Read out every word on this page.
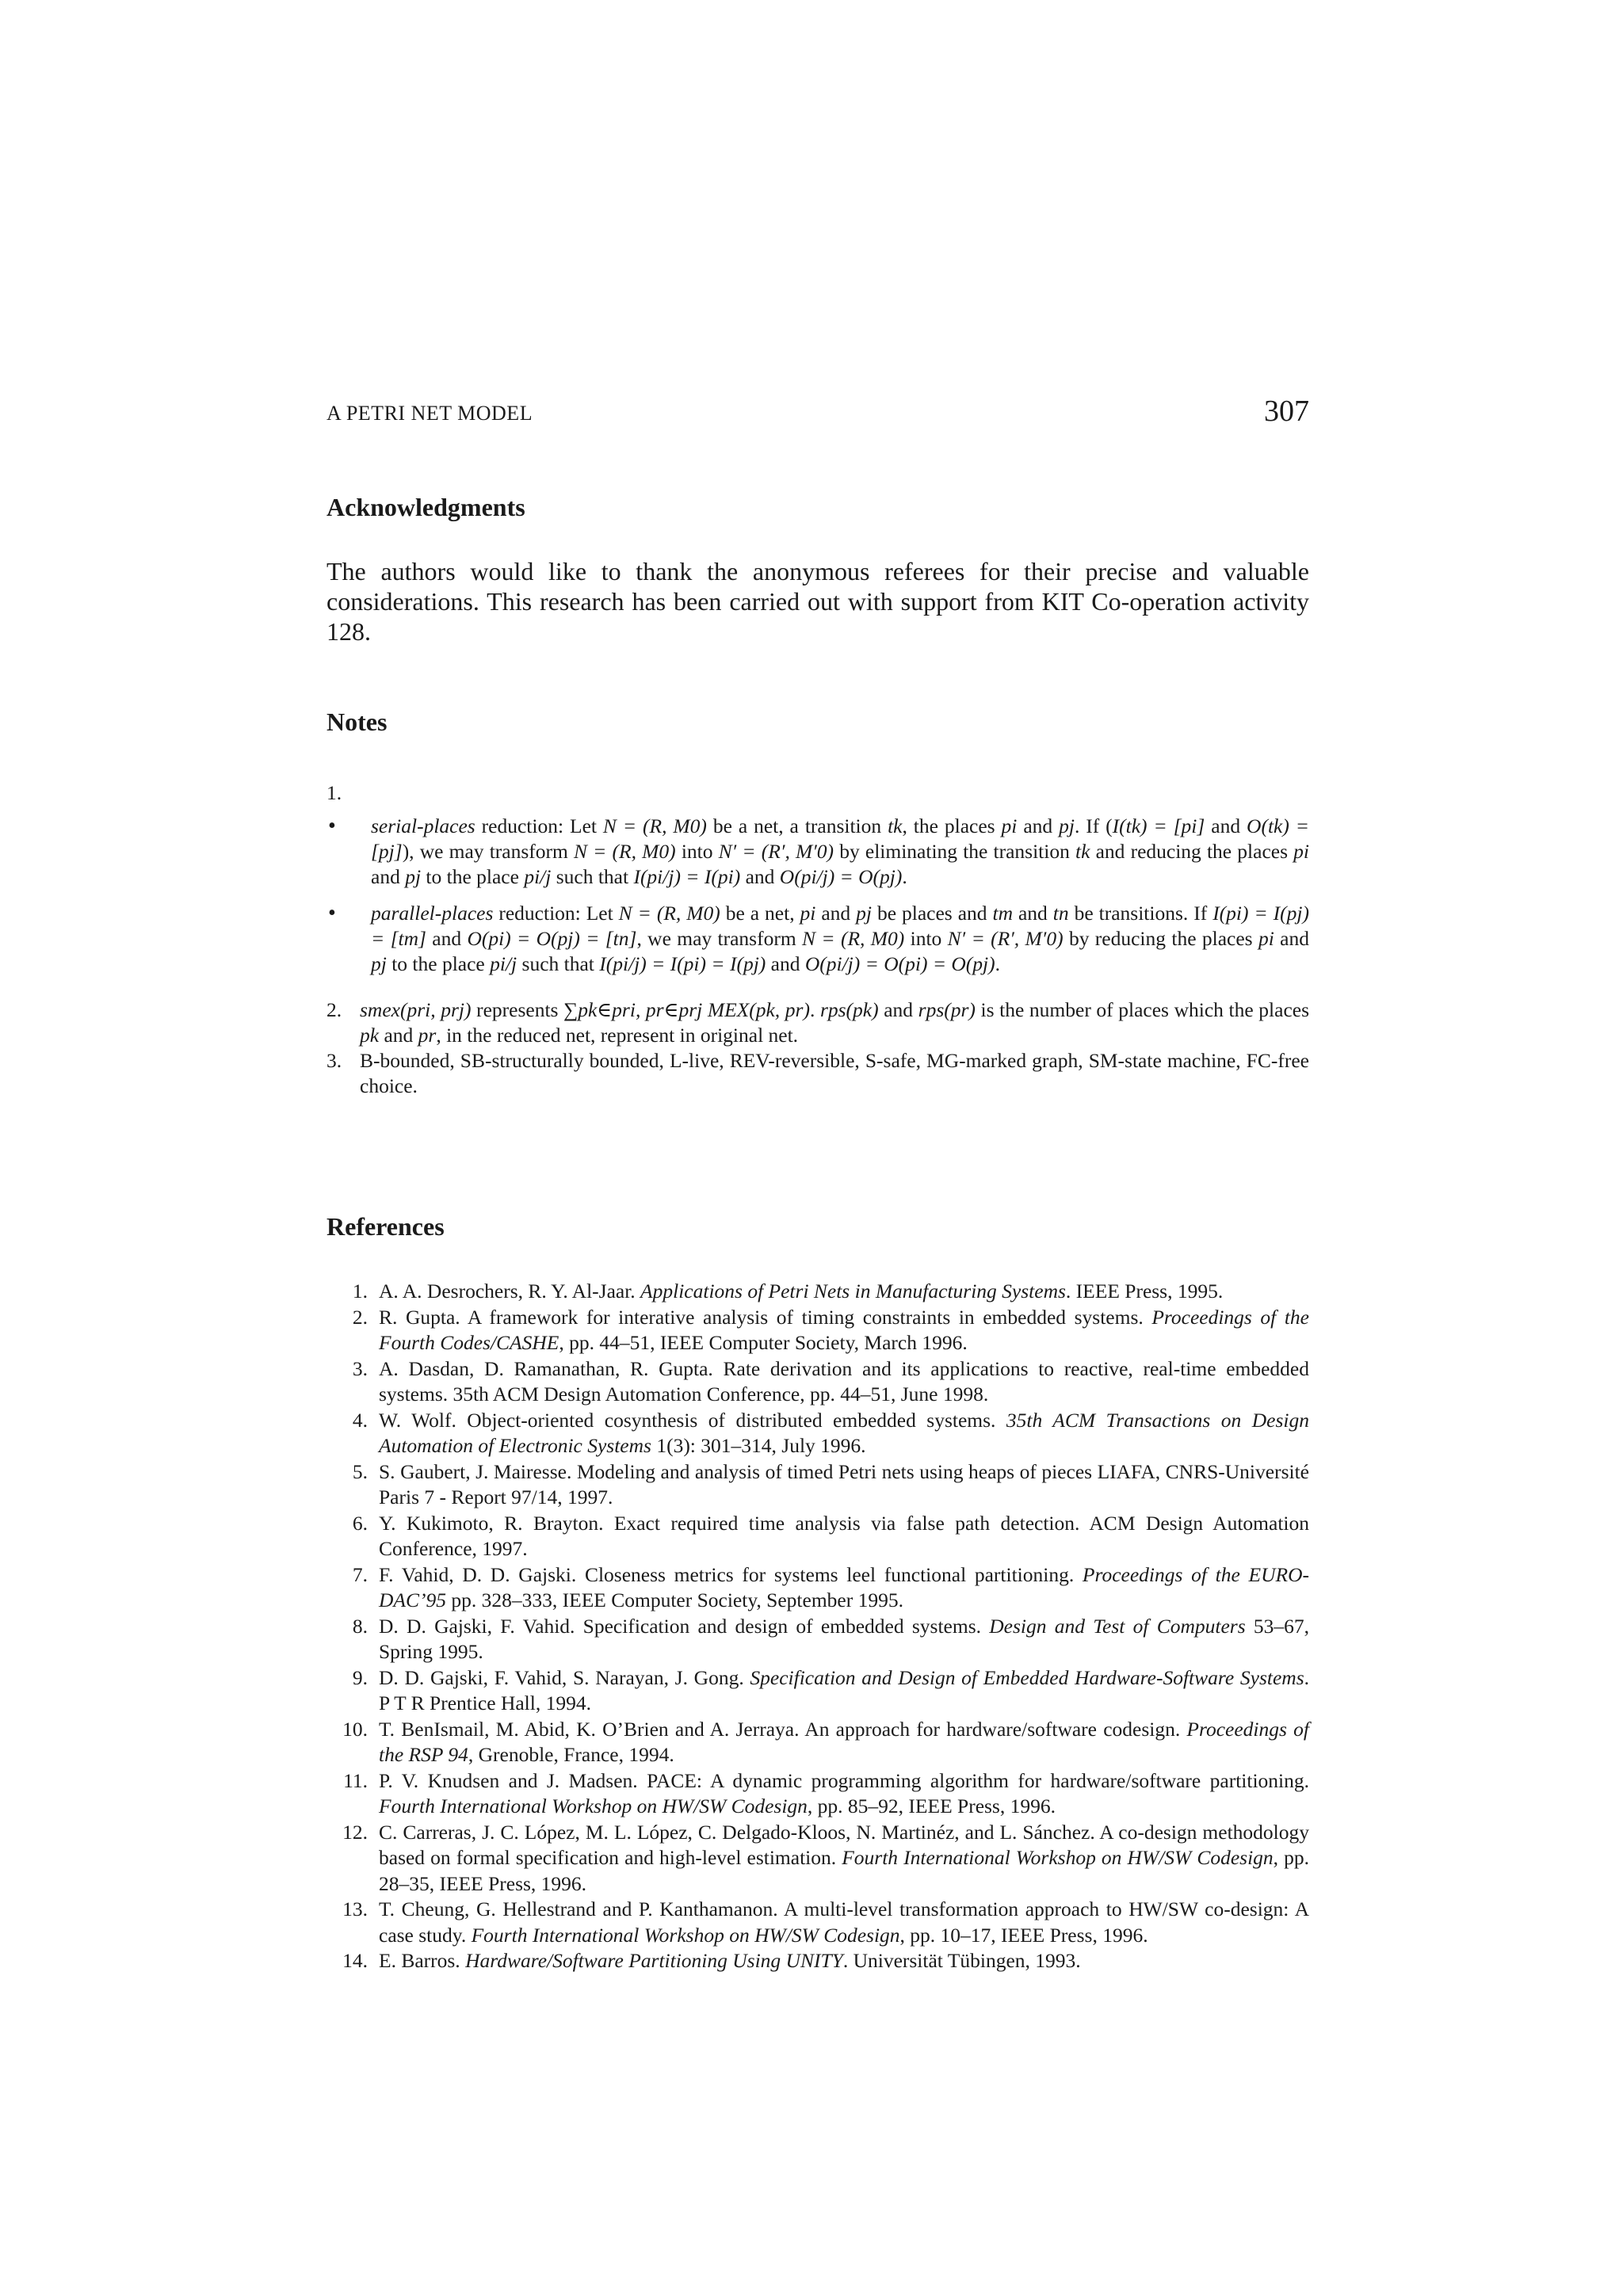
A PETRI NET MODEL	307
Acknowledgments
The authors would like to thank the anonymous referees for their precise and valuable considerations. This research has been carried out with support from KIT Co-operation activity 128.
Notes
1.
• serial-places reduction: Let N = (R, M0) be a net, a transition tk, the places pi and pj. If (I(tk) = [pi] and O(tk) = [pj]), we may transform N = (R, M0) into N′ = (R′, M′0) by eliminating the transition tk and reducing the places pi and pj to the place pi/j such that I(pi/j) = I(pi) and O(pi/j) = O(pj).
• parallel-places reduction: Let N = (R, M0) be a net, pi and pj be places and tm and tn be transitions. If I(pi) = I(pj) = [tm] and O(pi) = O(pj) = [tn], we may transform N = (R, M0) into N′ = (R′, M′0) by reducing the places pi and pj to the place pi/j such that I(pi/j) = I(pi) = I(pj) and O(pi/j) = O(pi) = O(pj).
2. smex(pri, prj) represents ∑pk∈pri, pr∈prj MEX(pk, pr). rps(pk) and rps(pr) is the number of places which the places pk and pr, in the reduced net, represent in original net.
3. B-bounded, SB-structurally bounded, L-live, REV-reversible, S-safe, MG-marked graph, SM-state machine, FC-free choice.
References
1. A. A. Desrochers, R. Y. Al-Jaar. Applications of Petri Nets in Manufacturing Systems. IEEE Press, 1995.
2. R. Gupta. A framework for interative analysis of timing constraints in embedded systems. Proceedings of the Fourth Codes/CASHE, pp. 44–51, IEEE Computer Society, March 1996.
3. A. Dasdan, D. Ramanathan, R. Gupta. Rate derivation and its applications to reactive, real-time embedded systems. 35th ACM Design Automation Conference, pp. 44–51, June 1998.
4. W. Wolf. Object-oriented cosynthesis of distributed embedded systems. 35th ACM Transactions on Design Automation of Electronic Systems 1(3): 301–314, July 1996.
5. S. Gaubert, J. Mairesse. Modeling and analysis of timed Petri nets using heaps of pieces LIAFA, CNRS-Université Paris 7 - Report 97/14, 1997.
6. Y. Kukimoto, R. Brayton. Exact required time analysis via false path detection. ACM Design Automation Conference, 1997.
7. F. Vahid, D. D. Gajski. Closeness metrics for systems leel functional partitioning. Proceedings of the EURO-DAC’95 pp. 328–333, IEEE Computer Society, September 1995.
8. D. D. Gajski, F. Vahid. Specification and design of embedded systems. Design and Test of Computers 53–67, Spring 1995.
9. D. D. Gajski, F. Vahid, S. Narayan, J. Gong. Specification and Design of Embedded Hardware-Software Systems. P T R Prentice Hall, 1994.
10. T. BenIsmail, M. Abid, K. O’Brien and A. Jerraya. An approach for hardware/software codesign. Proceedings of the RSP 94, Grenoble, France, 1994.
11. P. V. Knudsen and J. Madsen. PACE: A dynamic programming algorithm for hardware/software partitioning. Fourth International Workshop on HW/SW Codesign, pp. 85–92, IEEE Press, 1996.
12. C. Carreras, J. C. López, M. L. López, C. Delgado-Kloos, N. Martinéz, and L. Sánchez. A co-design methodology based on formal specification and high-level estimation. Fourth International Workshop on HW/SW Codesign, pp. 28–35, IEEE Press, 1996.
13. T. Cheung, G. Hellestrand and P. Kanthamanon. A multi-level transformation approach to HW/SW co-design: A case study. Fourth International Workshop on HW/SW Codesign, pp. 10–17, IEEE Press, 1996.
14. E. Barros. Hardware/Software Partitioning Using UNITY. Universität Tübingen, 1993.
